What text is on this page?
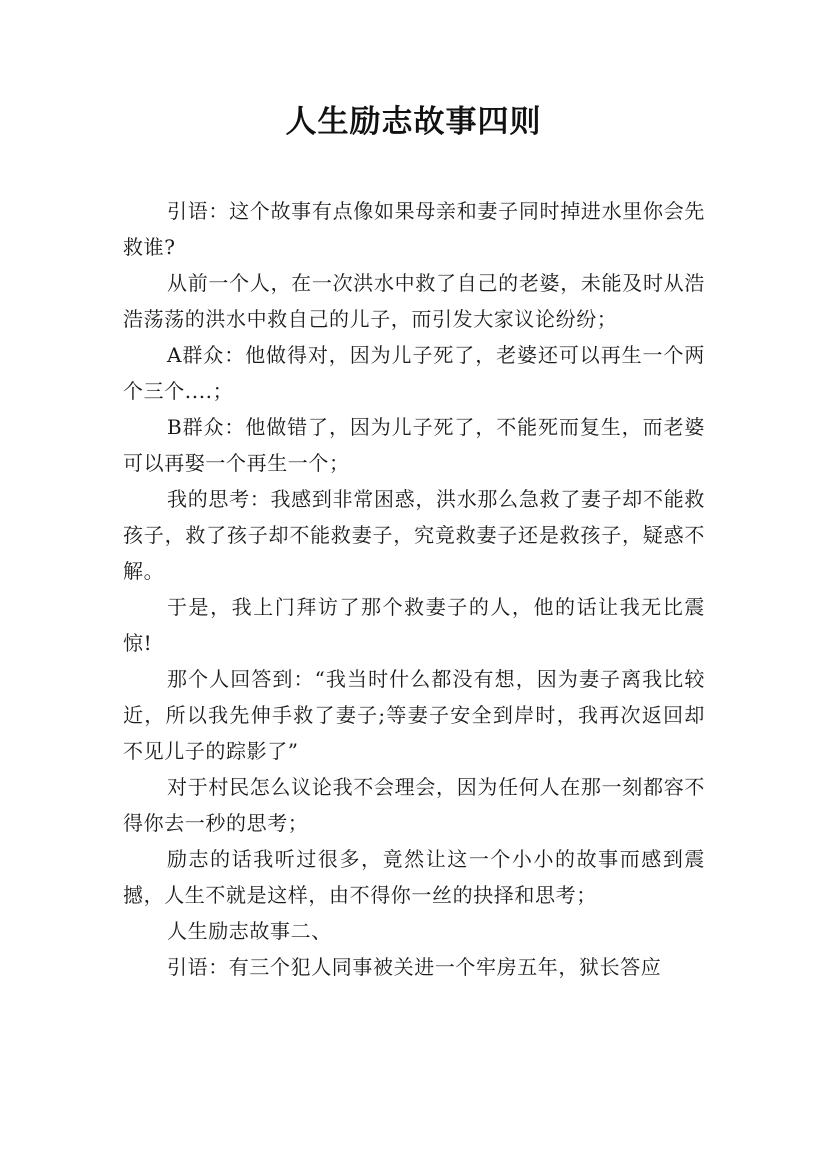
人生励志故事四则

引语：这个故事有点像如果母亲和妻子同时掉进水里你会先救谁?

从前一个人，在一次洪水中救了自己的老婆，未能及时从浩浩荡荡的洪水中救自己的儿子，而引发大家议论纷纷；

A群众：他做得对，因为儿子死了，老婆还可以再生一个两个三个....；

B群众：他做错了，因为儿子死了，不能死而复生，而老婆可以再娶一个再生一个；

我的思考：我感到非常困惑，洪水那么急救了妻子却不能救孩子，救了孩子却不能救妻子，究竟救妻子还是救孩子，疑惑不解。

于是，我上门拜访了那个救妻子的人，他的话让我无比震惊!

那个人回答到：“我当时什么都没有想，因为妻子离我比较近，所以我先伸手救了妻子;等妻子安全到岸时，我再次返回却不见儿子的踪影了”

对于村民怎么议论我不会理会，因为任何人在那一刻都容不得你去一秒的思考；

励志的话我听过很多，竟然让这一个小小的故事而感到震撼，人生不就是这样，由不得你一丝的抉择和思考；

人生励志故事二、

引语：有三个犯人同事被关进一个牢房五年，狱长答应
